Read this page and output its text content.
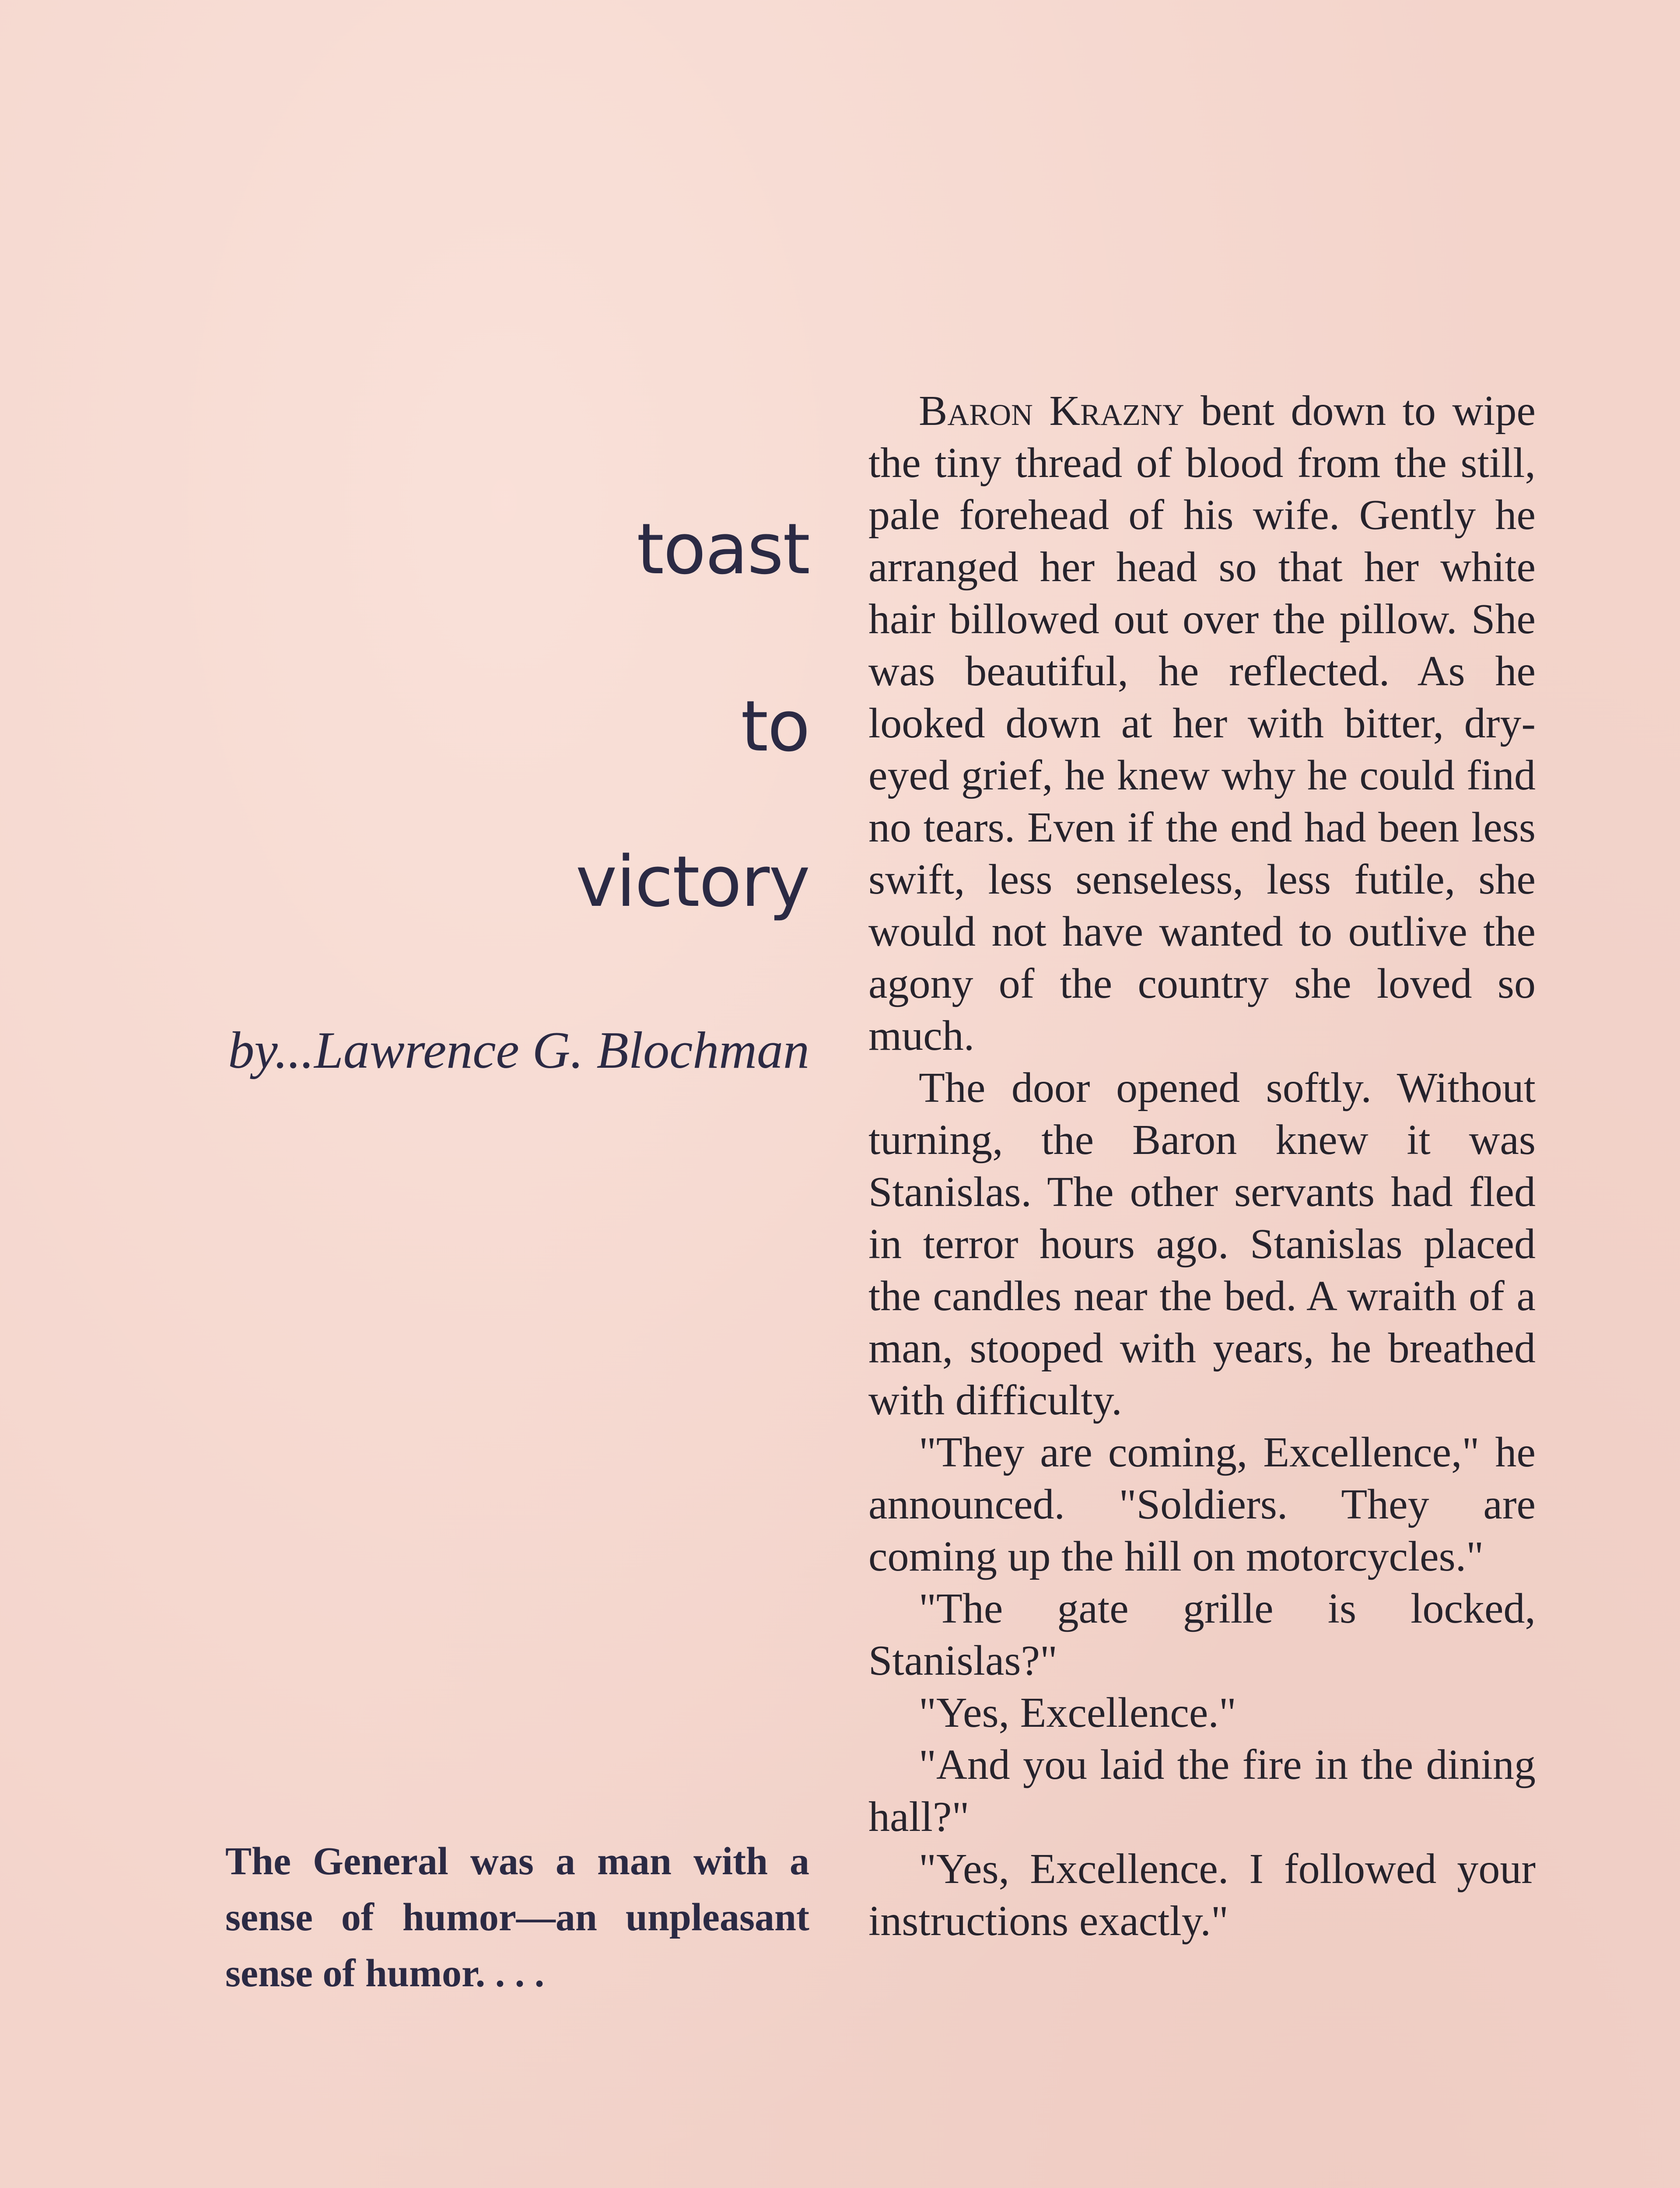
toast
to
victory
by...Lawrence G. Blochman
The General was a man with a sense of humor—an unpleasant sense of humor. . . .

Baron Krazny bent down to wipe the tiny thread of blood from the still, pale forehead of his wife. Gently he arranged her head so that her white hair billowed out over the pillow. She was beautiful, he reflected. As he looked down at her with bitter, dry-eyed grief, he knew why he could find no tears. Even if the end had been less swift, less senseless, less futile, she would not have wanted to outlive the agony of the country she loved so much.

The door opened softly. Without turning, the Baron knew it was Stanislas. The other servants had fled in terror hours ago. Stanislas placed the candles near the bed. A wraith of a man, stooped with years, he breathed with difficulty.

"They are coming, Excellence," he announced. "Soldiers. They are coming up the hill on motorcycles."

"The gate grille is locked, Stanislas?"

"Yes, Excellence."

"And you laid the fire in the dining hall?"

"Yes, Excellence. I followed your instructions exactly."
